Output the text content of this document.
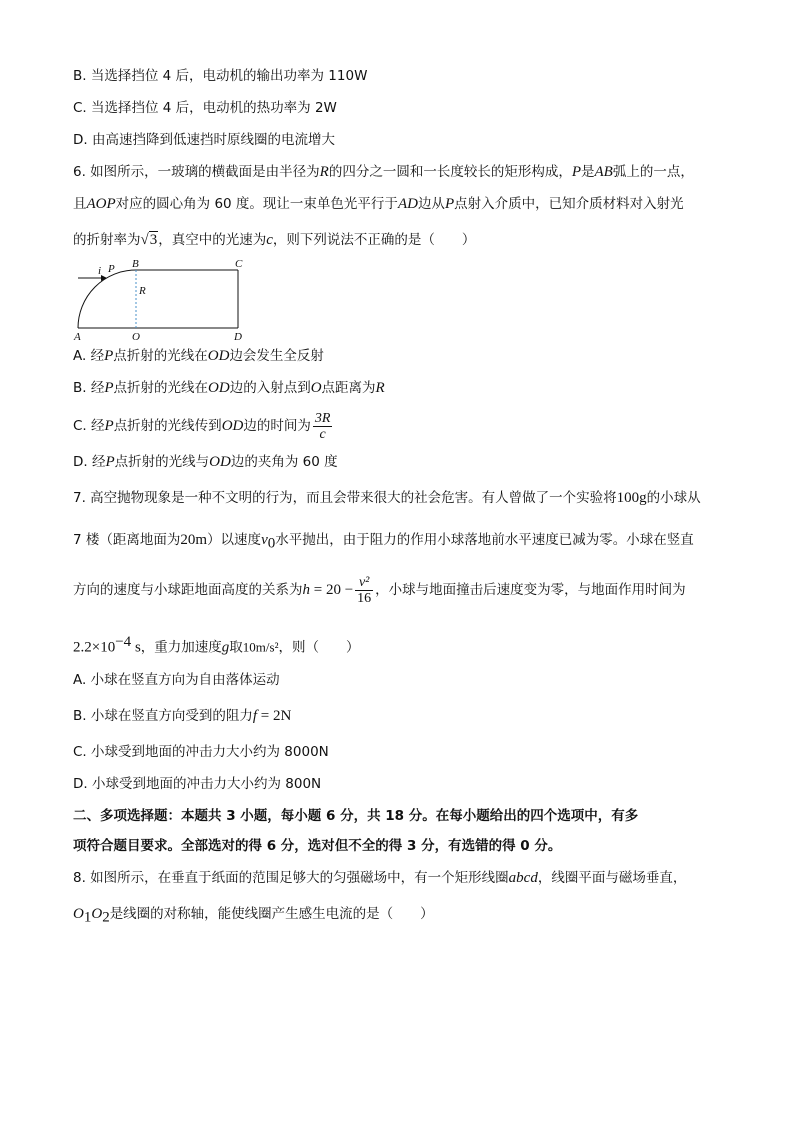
B. 当选择挡位 4 后，电动机的输出功率为 110W
C. 当选择挡位 4 后，电动机的热功率为 2W
D. 由高速挡降到低速挡时原线圈的电流增大
6. 如图所示，一玻璃的横截面是由半径为R的四分之一圆和一长度较长的矩形构成，P是AB弧上的一点，
且AOP对应的圆心角为 60 度。现让一束单色光平行于AD边从P点射入介质中，已知介质材料对入射光
的折射率为√3，真空中的光速为c，则下列说法不正确的是（　　）
i P B	C
R
A	O	D
A. 经P点折射的光线在OD边会发生全反射
B. 经P点折射的光线在OD边的入射点到O点距离为R
C. 经P点折射的光线传到OD边的时间为 $\frac{3R}{c}$
D. 经P点折射的光线与OD边的夹角为 60 度
7. 高空抛物现象是一种不文明的行为，而且会带来很大的社会危害。有人曾做了一个实验将100g的小球从
7 楼（距离地面为20m）以速度$v_0$水平抛出，由于阻力的作用小球落地前水平速度已减为零。小球在竖直
方向的速度与小球距地面高度的关系为$h = 20 - \frac{\text{v²}}{16}$ ，小球与地面撞击后速度变为零，与地面作用时间为
$2.2\times 10^{-4}$ s，重力加速度g取10m/s²，则（　　）
A. 小球在竖直方向为自由落体运动
B. 小球在竖直方向受到的阻力f = 2N
C. 小球受到地面的冲击力大小约为 8000N
D. 小球受到地面的冲击力大小约为 800N
二、多项选择题：本题共 3 小题，每小题 6 分，共 18 分。在每小题给出的四个选项中，有多
项符合题目要求。全部选对的得 6 分，选对但不全的得 3 分，有选错的得 0 分。
8. 如图所示，在垂直于纸面的范围足够大的匀强磁场中，有一个矩形线圈abcd，线圈平面与磁场垂直，
$O_1O_2$是线圈的对称轴，能使线圈产生感生电流的是（　　）
